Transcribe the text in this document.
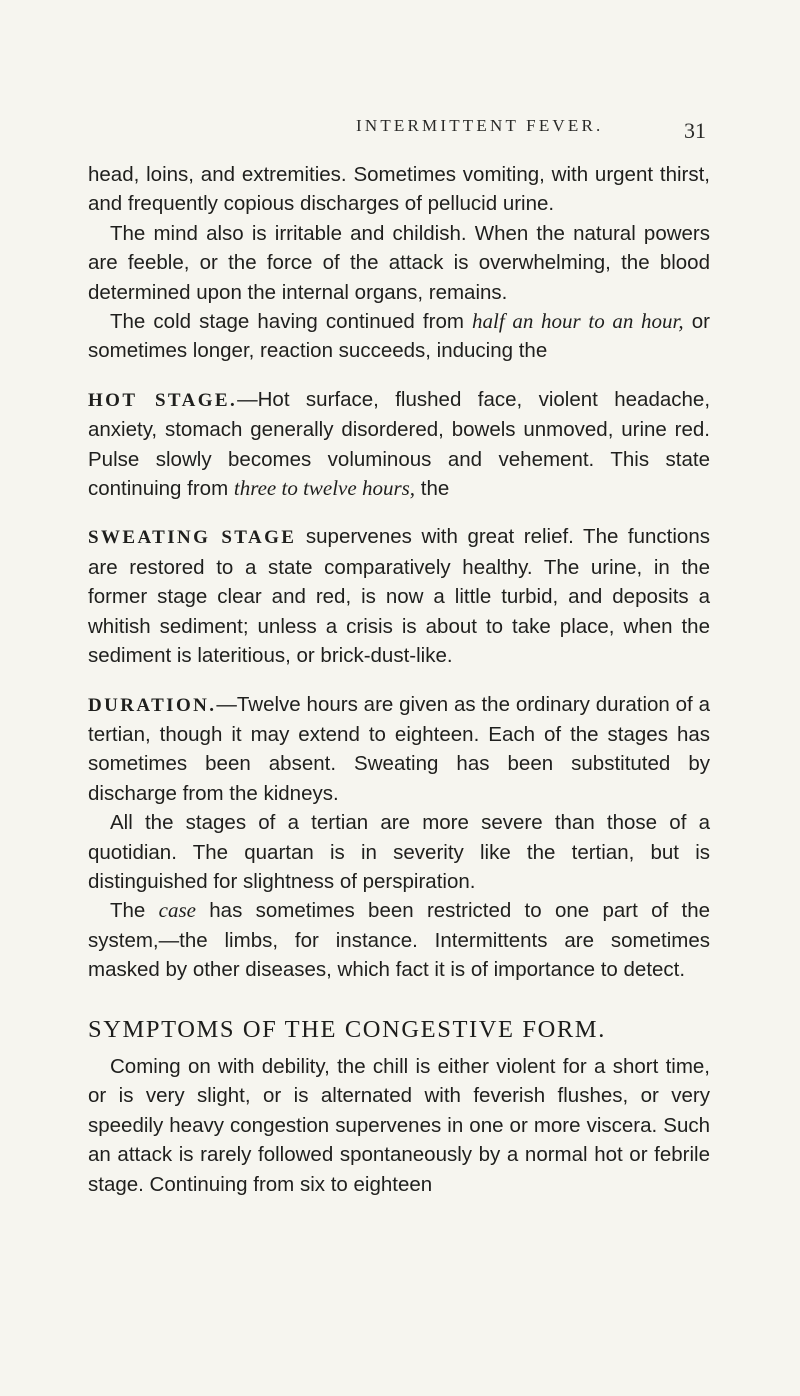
INTERMITTENT FEVER.	31

head, loins, and extremities. Sometimes vomiting, with urgent thirst, and frequently copious discharges of pellucid urine.

The mind also is irritable and childish. When the natural powers are feeble, or the force of the attack is overwhelming, the blood determined upon the internal organs, remains.

The cold stage having continued from half an hour to an hour, or sometimes longer, reaction succeeds, inducing the

HOT STAGE.—Hot surface, flushed face, violent headache, anxiety, stomach generally disordered, bowels unmoved, urine red. Pulse slowly becomes voluminous and vehement. This state continuing from three to twelve hours, the

SWEATING STAGE supervenes with great relief. The functions are restored to a state comparatively healthy. The urine, in the former stage clear and red, is now a little turbid, and deposits a whitish sediment; unless a crisis is about to take place, when the sediment is lateritious, or brick-dust-like.

DURATION.—Twelve hours are given as the ordinary duration of a tertian, though it may extend to eighteen. Each of the stages has sometimes been absent. Sweating has been substituted by discharge from the kidneys.

All the stages of a tertian are more severe than those of a quotidian. The quartan is in severity like the tertian, but is distinguished for slightness of perspiration.

The case has sometimes been restricted to one part of the system,—the limbs, for instance. Intermittents are sometimes masked by other diseases, which fact it is of importance to detect.

SYMPTOMS OF THE CONGESTIVE FORM.

Coming on with debility, the chill is either violent for a short time, or is very slight, or is alternated with feverish flushes, or very speedily heavy congestion supervenes in one or more viscera. Such an attack is rarely followed spontaneously by a normal hot or febrile stage. Continuing from six to eighteen
